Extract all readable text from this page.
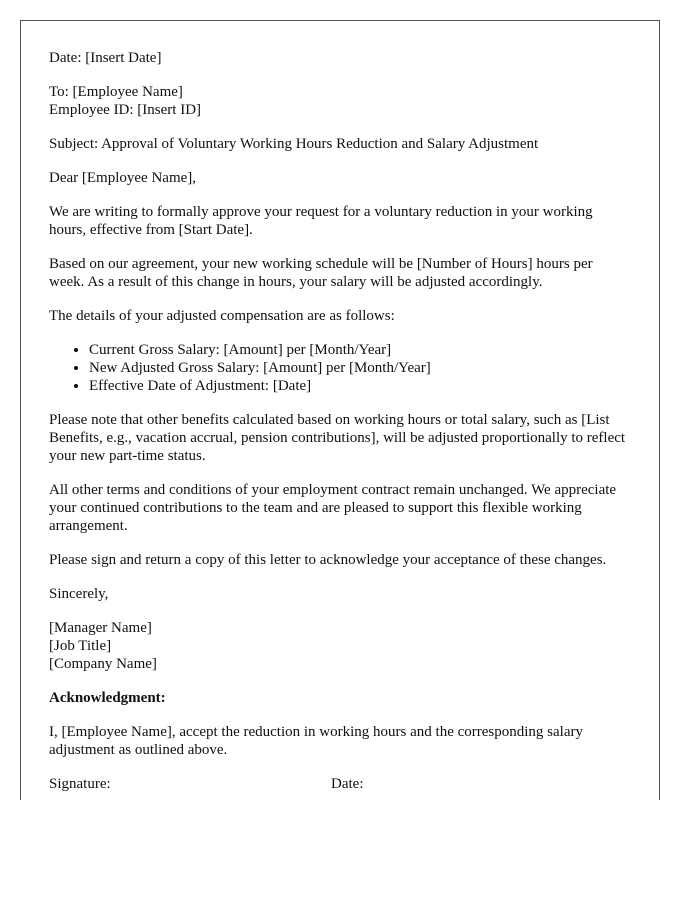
Date: [Insert Date]

To: [Employee Name]
Employee ID: [Insert ID]

Subject: Approval of Voluntary Working Hours Reduction and Salary Adjustment

Dear [Employee Name],

We are writing to formally approve your request for a voluntary reduction in your working hours, effective from [Start Date].

Based on our agreement, your new working schedule will be [Number of Hours] hours per week. As a result of this change in hours, your salary will be adjusted accordingly.

The details of your adjusted compensation are as follows:

• Current Gross Salary: [Amount] per [Month/Year]
• New Adjusted Gross Salary: [Amount] per [Month/Year]
• Effective Date of Adjustment: [Date]

Please note that other benefits calculated based on working hours or total salary, such as [List Benefits, e.g., vacation accrual, pension contributions], will be adjusted proportionally to reflect your new part-time status.

All other terms and conditions of your employment contract remain unchanged. We appreciate your continued contributions to the team and are pleased to support this flexible working arrangement.

Please sign and return a copy of this letter to acknowledge your acceptance of these changes.

Sincerely,

[Manager Name]
[Job Title]
[Company Name]

Acknowledgment:

I, [Employee Name], accept the reduction in working hours and the corresponding salary adjustment as outlined above.

Signature:	Date:
